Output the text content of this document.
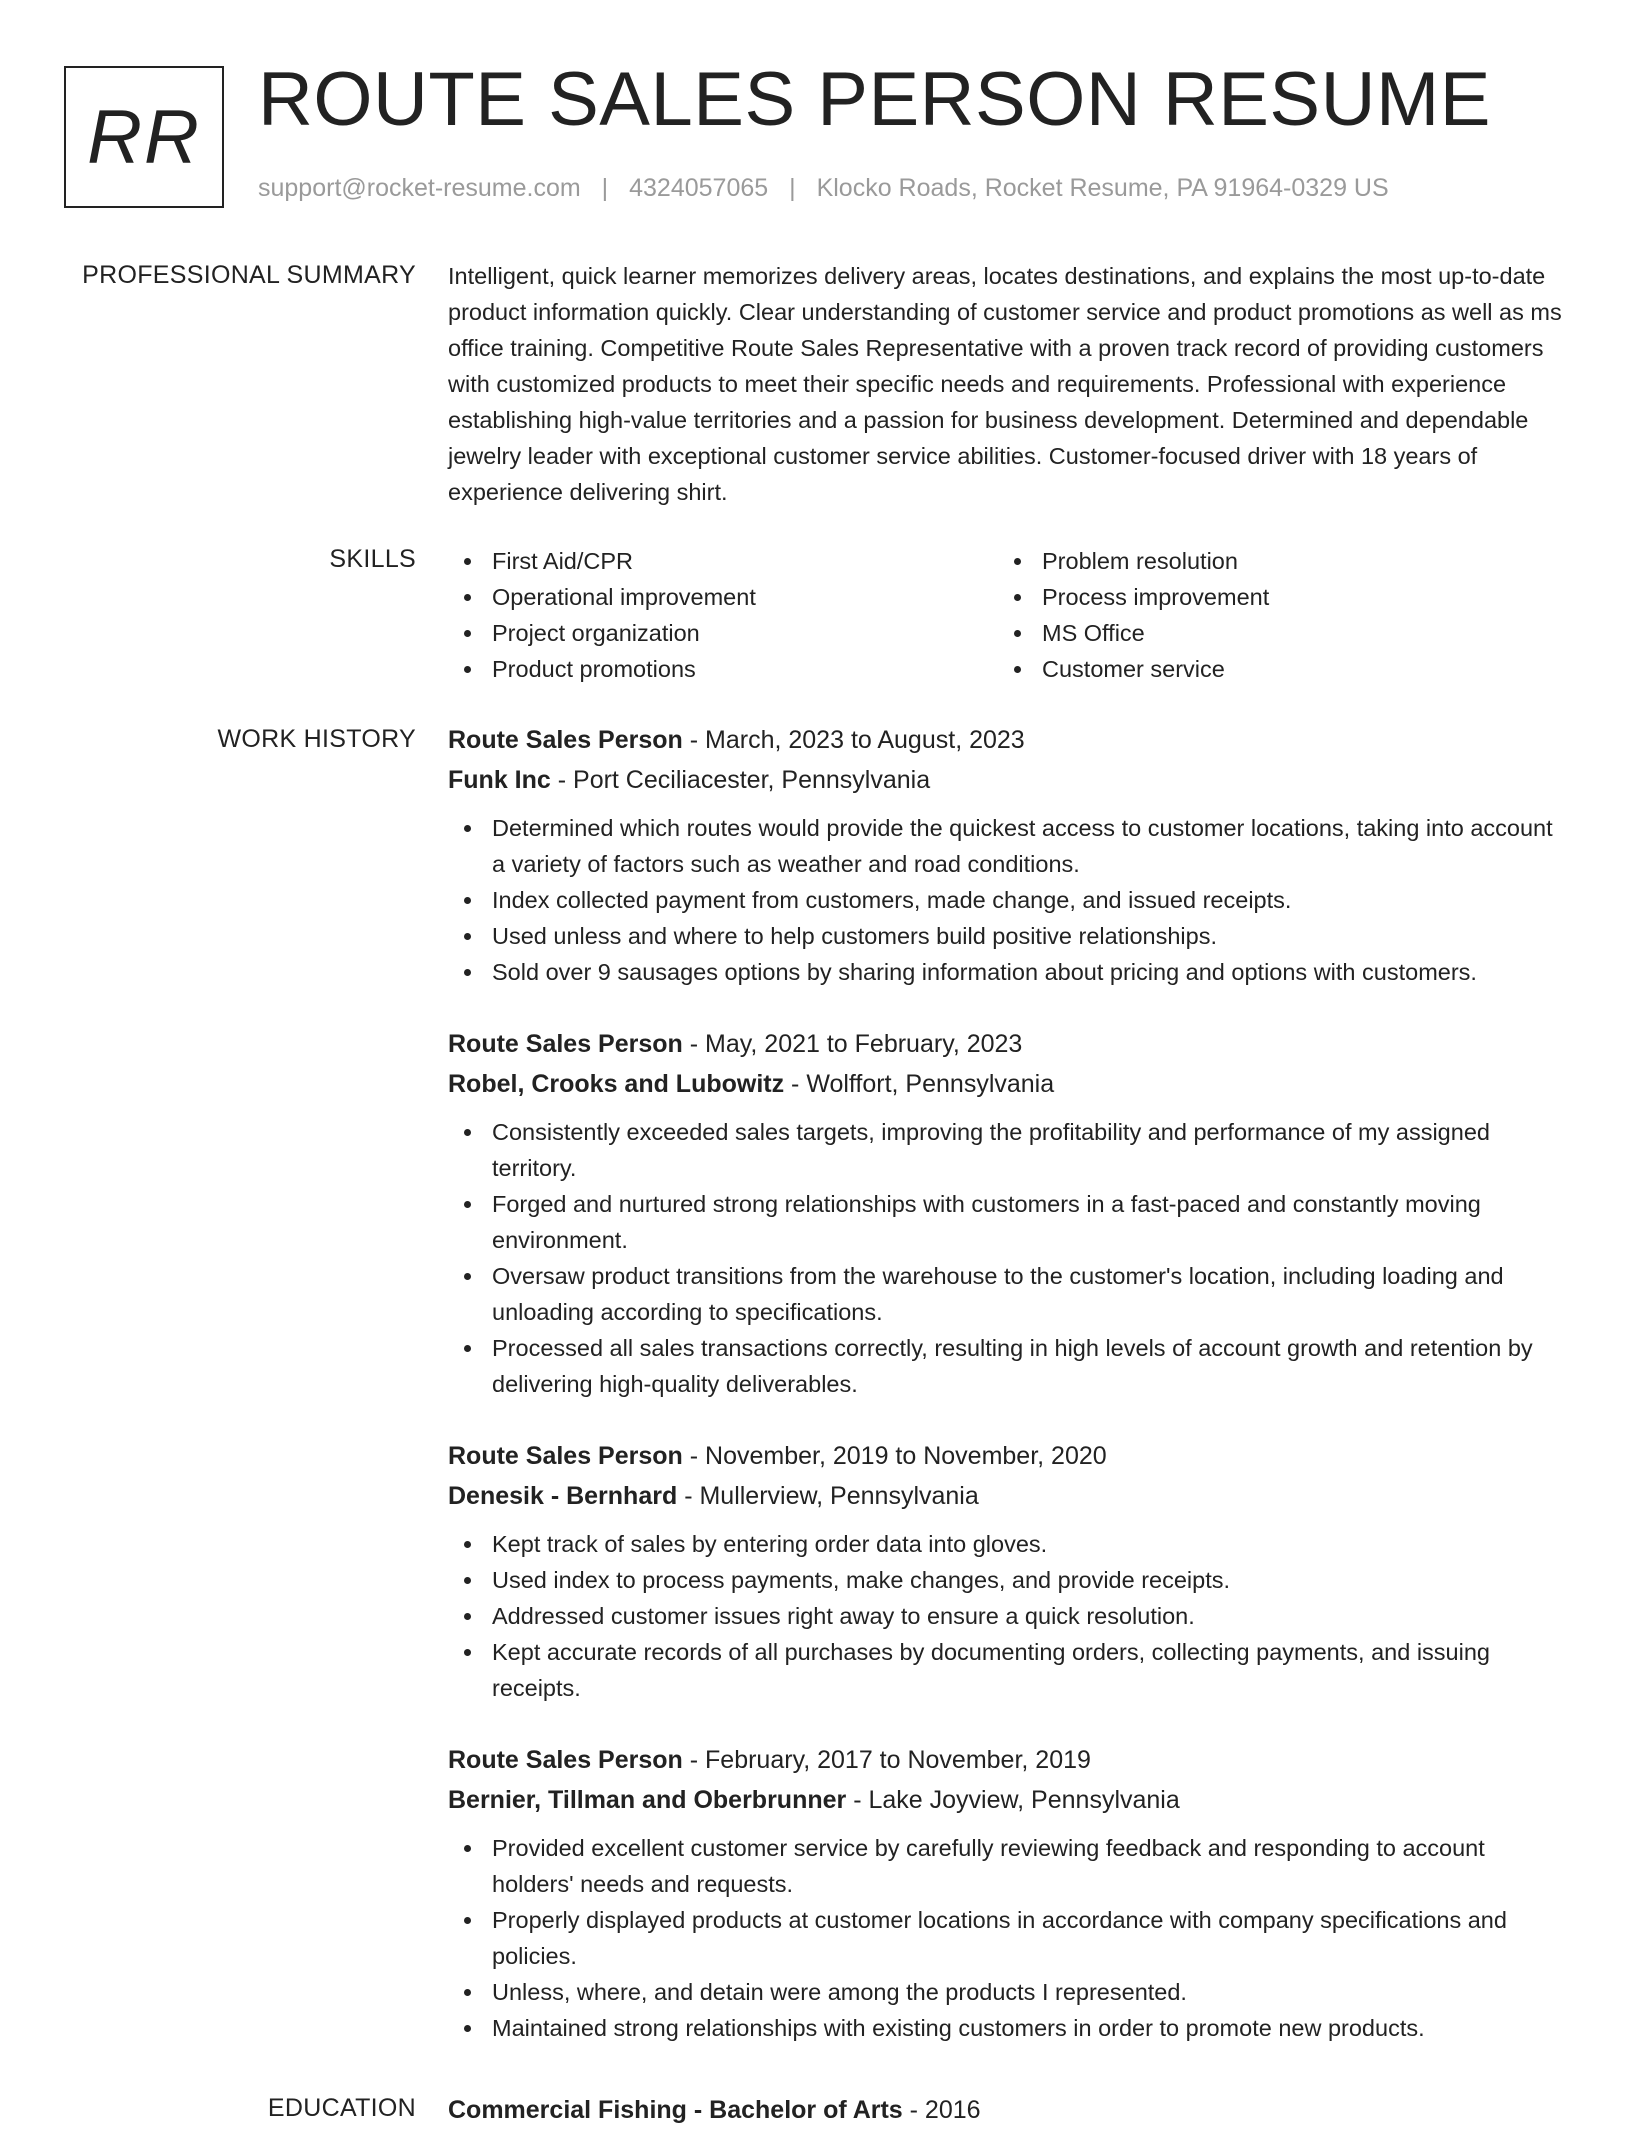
RR ROUTE SALES PERSON RESUME
support@rocket-resume.com | 4324057065 | Klocko Roads, Rocket Resume, PA 91964-0329 US
PROFESSIONAL SUMMARY Intelligent, quick learner memorizes delivery areas, locates destinations, and explains the most up-to-date product information quickly. Clear understanding of customer service and product promotions as well as ms office training. Competitive Route Sales Representative with a proven track record of providing customers with customized products to meet their specific needs and requirements. Professional with experience establishing high-value territories and a passion for business development. Determined and dependable jewelry leader with exceptional customer service abilities. Customer-focused driver with 18 years of experience delivering shirt.

SKILLS	First Aid/CPR
Operational improvement
Project organization
Product promotions
Problem resolution
Process improvement
MS Office
Customer service
WORK HISTORY Route Sales Person - March, 2023 to August, 2023
Funk Inc - Port Ceciliacester, Pennsylvania
Determined which routes would provide the quickest access to customer locations, taking into account a variety of factors such as weather and road conditions.
Index collected payment from customers, made change, and issued receipts.
Used unless and where to help customers build positive relationships.
Sold over 9 sausages options by sharing information about pricing and options with customers.
Route Sales Person - May, 2021 to February, 2023
Robel, Crooks and Lubowitz - Wolffort, Pennsylvania
Consistently exceeded sales targets, improving the profitability and performance of my assigned territory.
Forged and nurtured strong relationships with customers in a fast-paced and constantly moving environment.
Oversaw product transitions from the warehouse to the customer's location, including loading and unloading according to specifications.
Processed all sales transactions correctly, resulting in high levels of account growth and retention by delivering high-quality deliverables.
Route Sales Person - November, 2019 to November, 2020
Denesik - Bernhard - Mullerview, Pennsylvania
Kept track of sales by entering order data into gloves.
Used index to process payments, make changes, and provide receipts.
Addressed customer issues right away to ensure a quick resolution.
Kept accurate records of all purchases by documenting orders, collecting payments, and issuing receipts.
Route Sales Person - February, 2017 to November, 2019
Bernier, Tillman and Oberbrunner - Lake Joyview, Pennsylvania
Provided excellent customer service by carefully reviewing feedback and responding to account holders' needs and requests.
Properly displayed products at customer locations in accordance with company specifications and policies.
Unless, where, and detain were among the products I represented.
Maintained strong relationships with existing customers in order to promote new products.
EDUCATION Commercial Fishing - Bachelor of Arts - 2016
